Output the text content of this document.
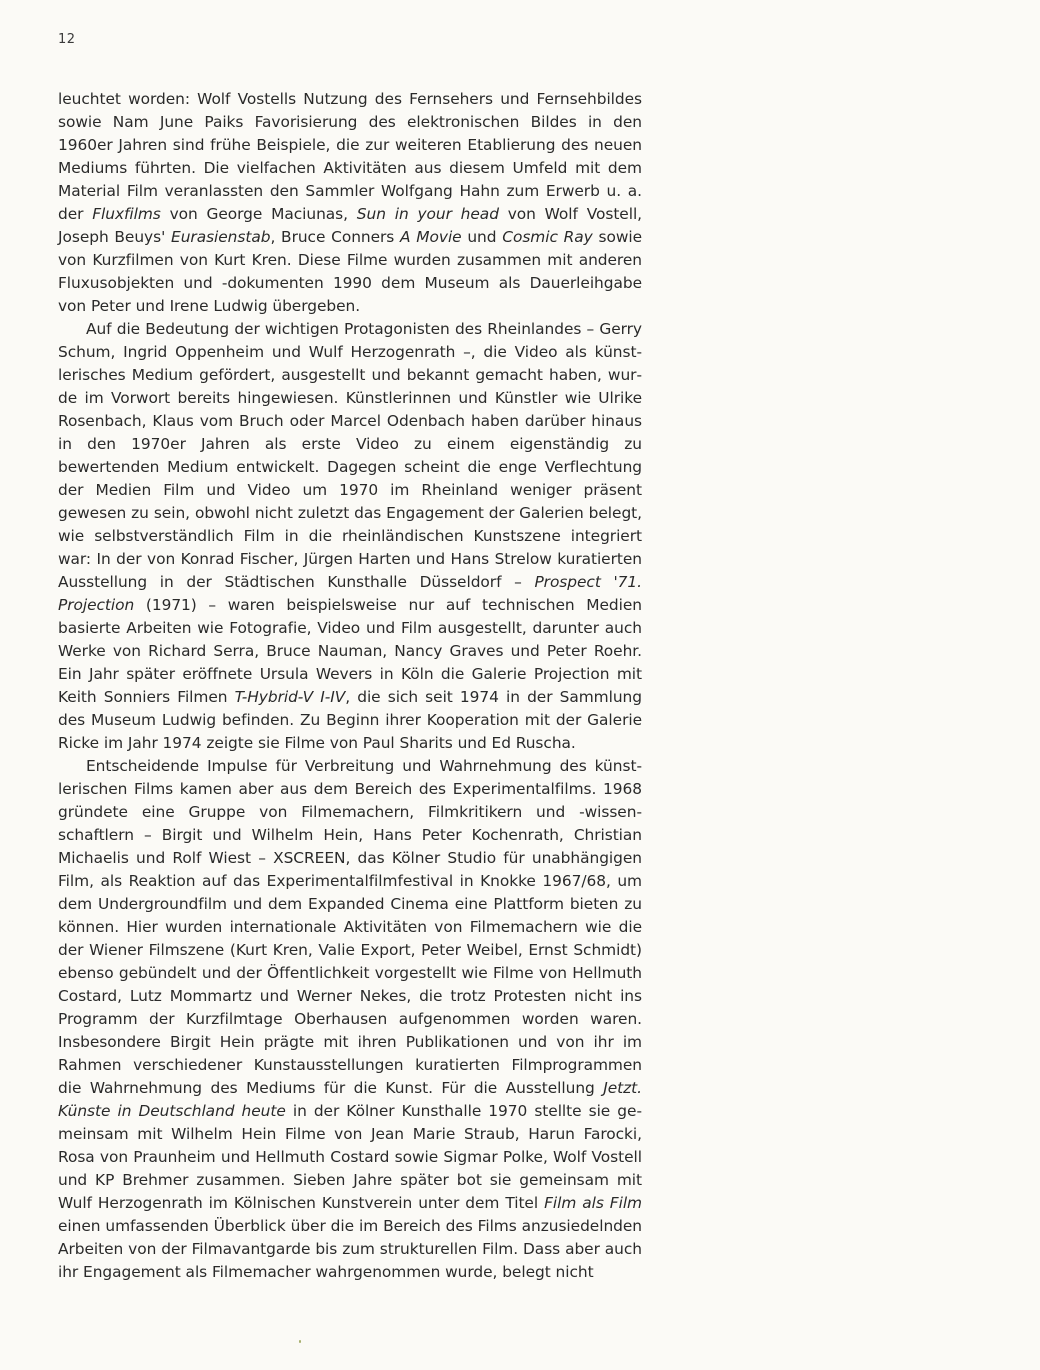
12

leuchtet worden: Wolf Vostells Nutzung des Fernsehers und Fernsehbildes sowie Nam June Paiks Favorisierung des elektronischen Bildes in den 1960er Jahren sind frühe Beispiele, die zur weiteren Etablierung des neuen Mediums führten. Die vielfachen Aktivitäten aus diesem Umfeld mit dem Material Film veranlassten den Sammler Wolfgang Hahn zum Erwerb u. a. der Fluxfilms von George Maciunas, Sun in your head von Wolf Vostell, Joseph Beuys' Eurasienstab, Bruce Conners A Movie und Cosmic Ray sowie von Kurzfilmen von Kurt Kren. Diese Filme wurden zusammen mit anderen Fluxusobjekten und -dokumenten 1990 dem Museum als Dauerleihgabe von Peter und Irene Ludwig übergeben.

Auf die Bedeutung der wichtigen Protagonisten des Rheinlandes – Gerry Schum, Ingrid Oppenheim und Wulf Herzogenrath –, die Video als künstlerisches Medium gefördert, ausgestellt und bekannt gemacht haben, wurde im Vorwort bereits hingewiesen. Künstlerinnen und Künstler wie Ulrike Rosenbach, Klaus vom Bruch oder Marcel Odenbach haben darüber hinaus in den 1970er Jahren als erste Video zu einem eigenständig zu bewertenden Medium entwickelt. Dagegen scheint die enge Verflechtung der Medien Film und Video um 1970 im Rheinland weniger präsent gewesen zu sein, obwohl nicht zuletzt das Engagement der Galerien belegt, wie selbstverständlich Film in die rheinländischen Kunstszene integriert war: In der von Konrad Fischer, Jürgen Harten und Hans Strelow kuratierten Ausstellung in der Städtischen Kunsthalle Düsseldorf – Prospect '71. Projection (1971) – waren beispielsweise nur auf technischen Medien basierte Arbeiten wie Fotografie, Video und Film ausgestellt, darunter auch Werke von Richard Serra, Bruce Nauman, Nancy Graves und Peter Roehr. Ein Jahr später eröffnete Ursula Wevers in Köln die Galerie Projection mit Keith Sonniers Filmen T-Hybrid-V I-IV, die sich seit 1974 in der Sammlung des Museum Ludwig befinden. Zu Beginn ihrer Kooperation mit der Galerie Ricke im Jahr 1974 zeigte sie Filme von Paul Sharits und Ed Ruscha.

Entscheidende Impulse für Verbreitung und Wahrnehmung des künstlerischen Films kamen aber aus dem Bereich des Experimentalfilms. 1968 gründete eine Gruppe von Filmemachern, Filmkritikern und -wissenschaftlern – Birgit und Wilhelm Hein, Hans Peter Kochenrath, Christian Michaelis und Rolf Wiest – XSCREEN, das Kölner Studio für unabhängigen Film, als Reaktion auf das Experimentalfilmfestival in Knokke 1967/68, um dem Undergroundfilm und dem Expanded Cinema eine Plattform bieten zu können. Hier wurden internationale Aktivitäten von Filmemachern wie die der Wiener Filmszene (Kurt Kren, Valie Export, Peter Weibel, Ernst Schmidt) ebenso gebündelt und der Öffentlichkeit vorgestellt wie Filme von Hellmuth Costard, Lutz Mommartz und Werner Nekes, die trotz Protesten nicht ins Programm der Kurzfilmtage Oberhausen aufgenommen worden waren. Insbesondere Birgit Hein prägte mit ihren Publikationen und von ihr im Rahmen verschiedener Kunstausstellungen kuratierten Filmprogrammen die Wahrnehmung des Mediums für die Kunst. Für die Ausstellung Jetzt. Künste in Deutschland heute in der Kölner Kunsthalle 1970 stellte sie gemeinsam mit Wilhelm Hein Filme von Jean Marie Straub, Harun Farocki, Rosa von Praunheim und Hellmuth Costard sowie Sigmar Polke, Wolf Vostell und KP Brehmer zusammen. Sieben Jahre später bot sie gemeinsam mit Wulf Herzogenrath im Kölnischen Kunstverein unter dem Titel Film als Film einen umfassenden Überblick über die im Bereich des Films anzusiedelnden Arbeiten von der Filmavantgarde bis zum strukturellen Film. Dass aber auch ihr Engagement als Filmemacher wahrgenommen wurde, belegt nicht
